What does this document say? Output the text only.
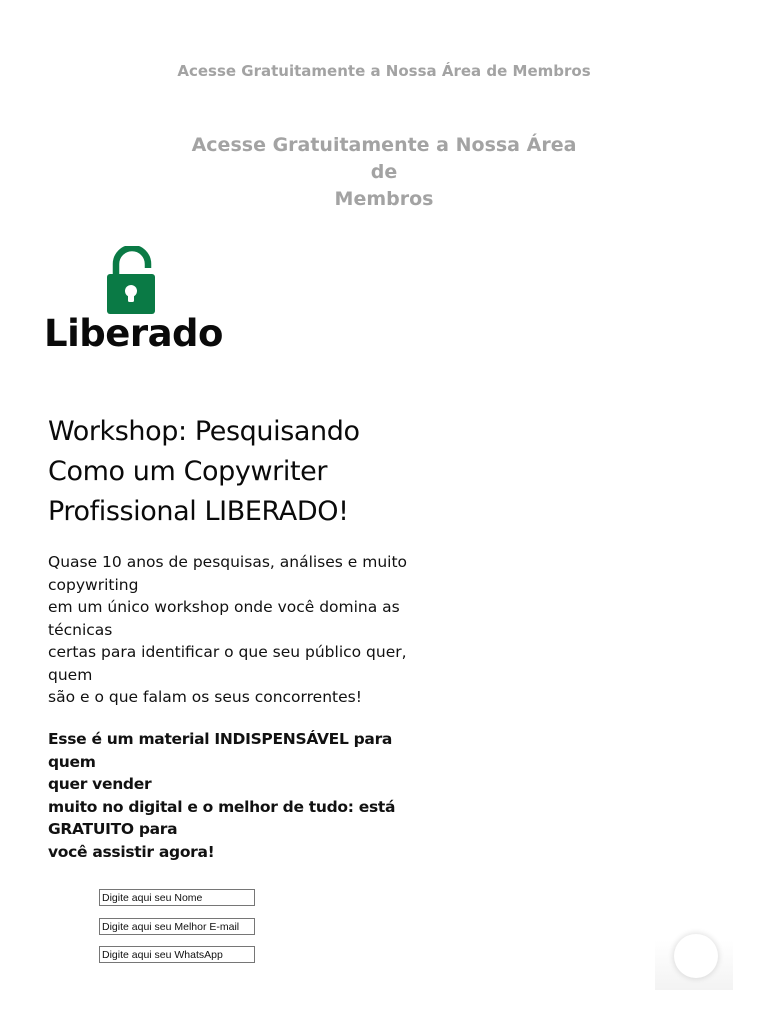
Acesse Gratuitamente a Nossa Área de Membros
Acesse Gratuitamente a Nossa Área de
Membros
Liberado
Workshop: Pesquisando
Como um Copywriter
Profissional LIBERADO!

Quase 10 anos de pesquisas, análises e muito
copywriting
em um único workshop onde você domina as
técnicas
certas para identificar o que seu público quer,
quem
são e o que falam os seus concorrentes!

Esse é um material INDISPENSÁVEL para quem
quer vender
muito no digital e o melhor de tudo: está
GRATUITO para
você assistir agora!

Digite aqui seu Nome
Digite aqui seu Melhor E-mail
Digite aqui seu WhatsApp
